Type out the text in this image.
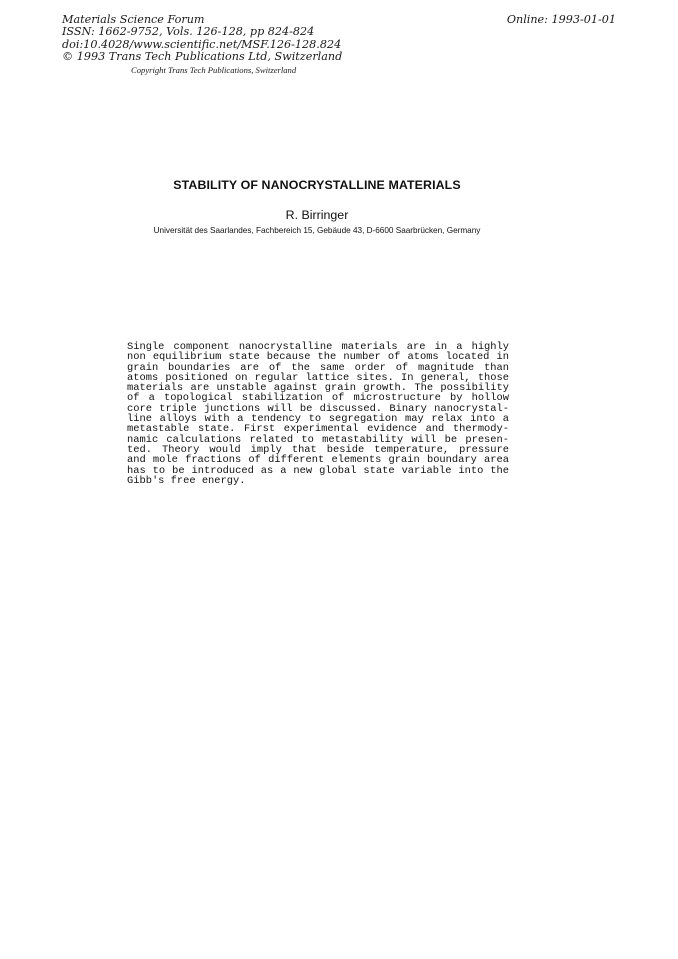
Materials Science Forum
ISSN: 1662-9752, Vols. 126-128, pp 824-824
doi:10.4028/www.scientific.net/MSF.126-128.824
© 1993 Trans Tech Publications Ltd, Switzerland
Online: 1993-01-01
Copyright Trans Tech Publications, Switzerland
STABILITY OF NANOCRYSTALLINE MATERIALS
R. Birringer
Universität des Saarlandes, Fachbereich 15, Gebäude 43, D-6600 Saarbrücken, Germany
Single component nanocrystalline materials are in a highly
non equilibrium state because the number of atoms located in
grain boundaries are of the same order of magnitude than
atoms positioned on regular lattice sites. In general, those
materials are unstable against grain growth. The possibility
of a topological stabilization of microstructure by hollow
core triple junctions will be discussed. Binary nanocrystal-
line alloys with a tendency to segregation may relax into a
metastable state. First experimental evidence and thermody-
namic calculations related to metastability will be presen-
ted. Theory would imply that beside temperature, pressure
and mole fractions of different elements grain boundary area
has to be introduced as a new global state variable into the
Gibb's free energy.
